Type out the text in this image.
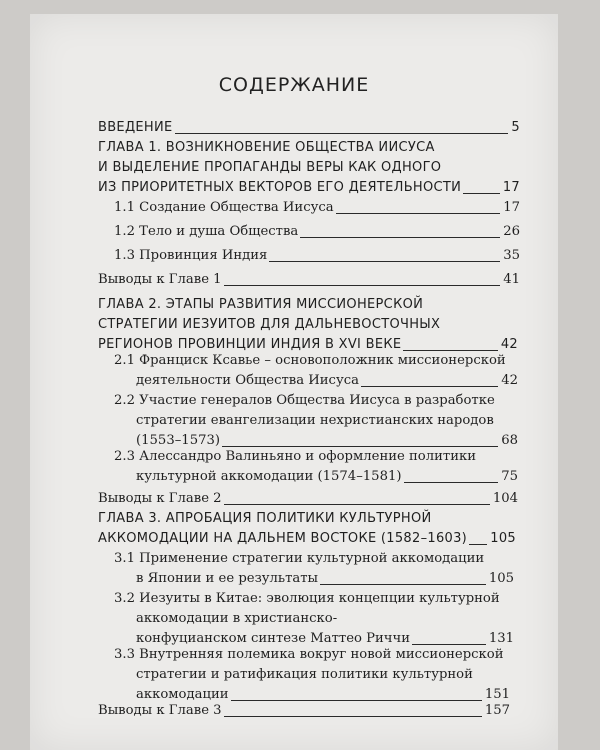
СОДЕРЖАНИЕ
ВВЕДЕНИЕ	5
ГЛАВА 1. ВОЗНИКНОВЕНИЕ ОБЩЕСТВА ИИСУСА
И ВЫДЕЛЕНИЕ ПРОПАГАНДЫ ВЕРЫ КАК ОДНОГО
ИЗ ПРИОРИТЕТНЫХ ВЕКТОРОВ ЕГО ДЕЯТЕЛЬНОСТИ	17
1.1 Создание Общества Иисуса	17
1.2 Тело и душа Общества	26
1.3 Провинция Индия	35
Выводы к Главе 1	41
ГЛАВА 2. ЭТАПЫ РАЗВИТИЯ МИССИОНЕРСКОЙ
СТРАТЕГИИ ИЕЗУИТОВ ДЛЯ ДАЛЬНЕВОСТОЧНЫХ
РЕГИОНОВ ПРОВИНЦИИ ИНДИЯ В XVI ВЕКЕ	42
2.1 Франциск Ксавье – основоположник миссионерской
деятельности Общества Иисуса	42
2.2 Участие генералов Общества Иисуса в разработке
стратегии евангелизации нехристианских народов
(1553–1573)	68
2.3 Алессандро Валиньяно и оформление политики
культурной аккомодации (1574–1581)	75
Выводы к Главе 2	104
ГЛАВА 3. АПРОБАЦИЯ ПОЛИТИКИ КУЛЬТУРНОЙ
АККОМОДАЦИИ НА ДАЛЬНЕМ ВОСТОКЕ (1582–1603) 105
3.1 Применение стратегии культурной аккомодации
в Японии и ее результаты	105
3.2 Иезуиты в Китае: эволюция концепции культурной
аккомодации в христианско-
конфуцианском синтезе Маттео Риччи	131
3.3 Внутренняя полемика вокруг новой миссионерской
стратегии и ратификация политики культурной
аккомодации	151
Выводы к Главе 3	157
